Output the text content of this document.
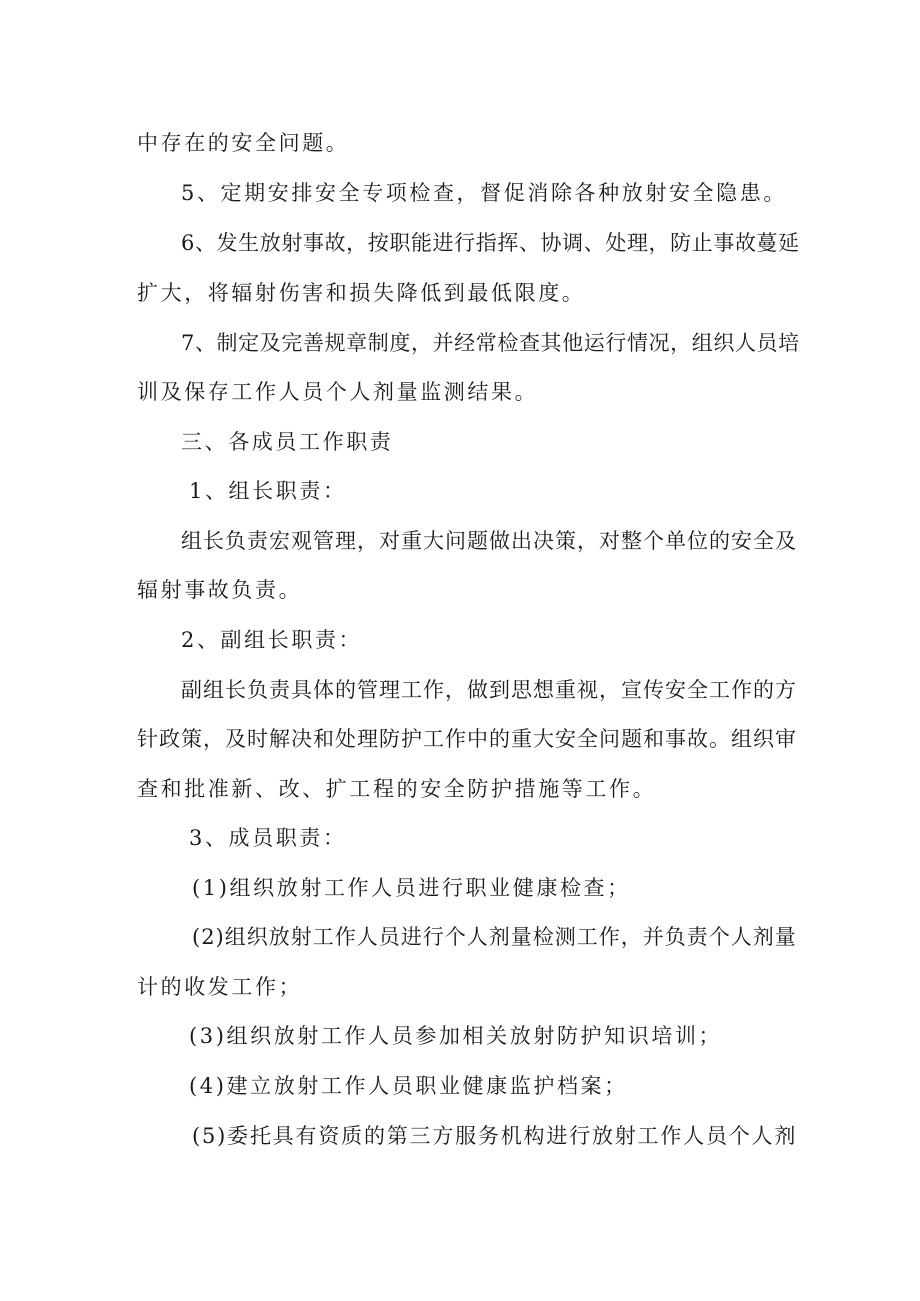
中存在的安全问题。
5、定期安排安全专项检查，督促消除各种放射安全隐患。
6、发生放射事故，按职能进行指挥、协调、处理，防止事故蔓延
扩大，将辐射伤害和损失降低到最低限度。
7、制定及完善规章制度，并经常检查其他运行情况，组织人员培
训及保存工作人员个人剂量监测结果。
三、各成员工作职责
1、组长职责：
组长负责宏观管理，对重大问题做出决策，对整个单位的安全及
辐射事故负责。
2、副组长职责：
副组长负责具体的管理工作，做到思想重视，宣传安全工作的方
针政策，及时解决和处理防护工作中的重大安全问题和事故。组织审
查和批准新、改、扩工程的安全防护措施等工作。
3、成员职责：
(1)组织放射工作人员进行职业健康检查；
(2)组织放射工作人员进行个人剂量检测工作，并负责个人剂量
计的收发工作；
(3)组织放射工作人员参加相关放射防护知识培训；
(4)建立放射工作人员职业健康监护档案；
(5)委托具有资质的第三方服务机构进行放射工作人员个人剂
